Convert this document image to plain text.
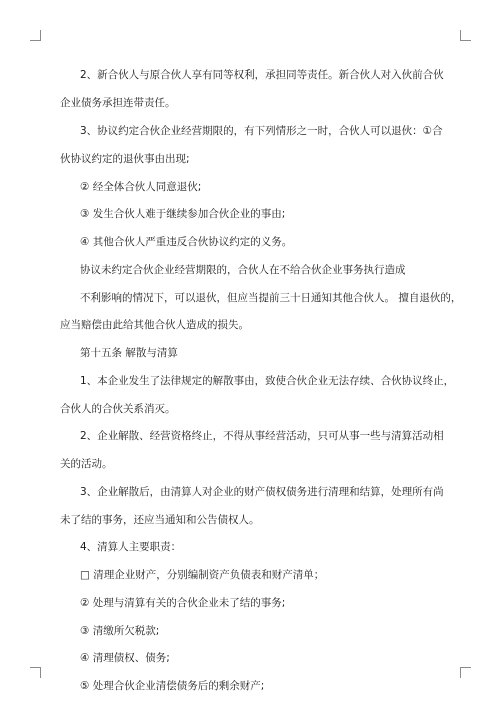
2、新合伙人与原合伙人享有同等权利，承担同等责任。新合伙人对入伙前合伙
企业债务承担连带责任。
3、协议约定合伙企业经营期限的，有下列情形之一时，合伙人可以退伙：①合
伙协议约定的退伙事由出现;
② 经全体合伙人同意退伙;
③ 发生合伙人难于继续参加合伙企业的事由;
④ 其他合伙人严重违反合伙协议约定的义务。
协议未约定合伙企业经营期限的，合伙人在不给合伙企业事务执行造成
不利影响的情况下，可以退伙，但应当提前三十日通知其他合伙人。 擅自退伙的，
应当赔偿由此给其他合伙人造成的损失。
第十五条 解散与清算
1、本企业发生了法律规定的解散事由，致使合伙企业无法存续、合伙协议终止，
合伙人的合伙关系消灭。
2、企业解散、经营资格终止，不得从事经营活动，只可从事一些与清算活动相
关的活动。
3、企业解散后，由清算人对企业的财产债权债务进行清理和结算，处理所有尚
未了结的事务，还应当通知和公告债权人。
4、清算人主要职责：
□ 清理企业财产，分别编制资产负债表和财产清单；
② 处理与清算有关的合伙企业未了结的事务;
③ 清缴所欠税款;
④ 清理债权、债务;
⑤ 处理合伙企业清偿债务后的剩余财产;
